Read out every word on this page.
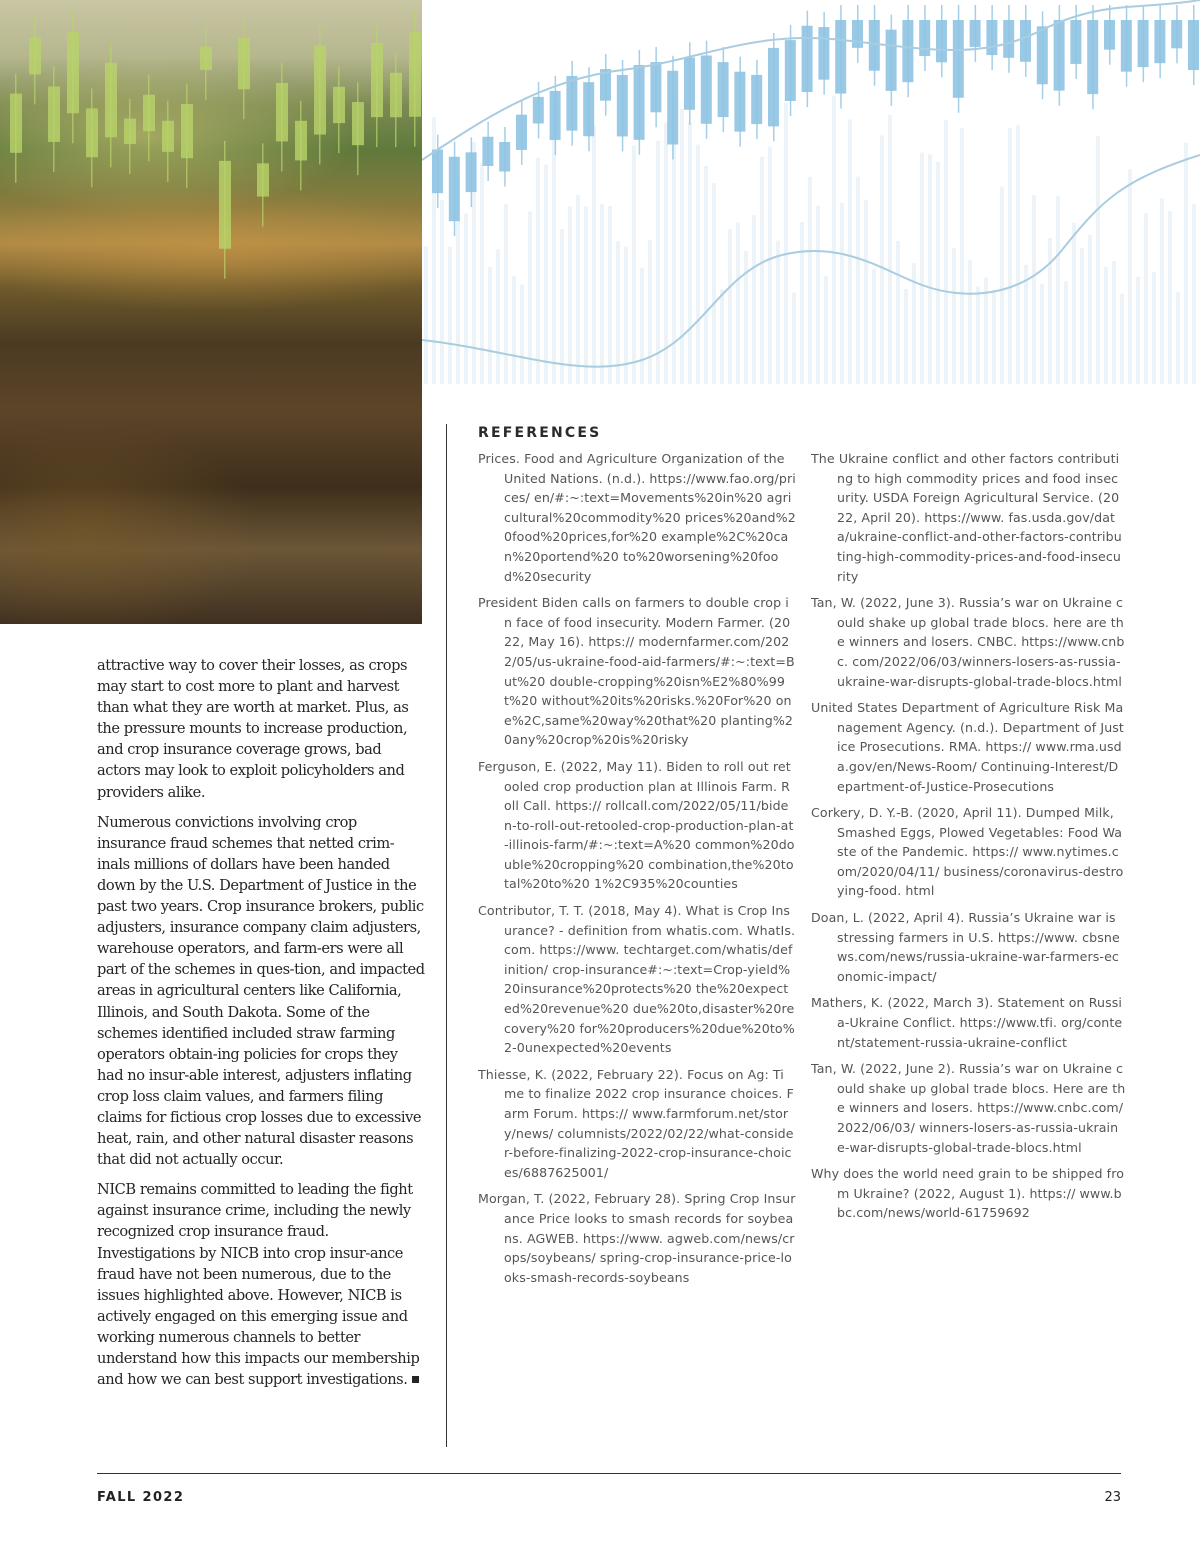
attractive way to cover their losses, as crops may start to cost more to plant and harvest than what they are worth at market. Plus, as the pressure mounts to increase production, and crop insurance coverage grows, bad actors may look to exploit policyholders and providers alike.

Numerous convictions involving crop insurance fraud schemes that netted crim-inals millions of dollars have been handed down by the U.S. Department of Justice in the past two years. Crop insurance brokers, public adjusters, insurance company claim adjusters, warehouse operators, and farm-ers were all part of the schemes in ques-tion, and impacted areas in agricultural centers like California, Illinois, and South Dakota. Some of the schemes identified included straw farming operators obtain-ing policies for crops they had no insur-able interest, adjusters inflating crop loss claim values, and farmers filing claims for fictious crop losses due to excessive heat, rain, and other natural disaster reasons that did not actually occur.

NICB remains committed to leading the fight against insurance crime, including the newly recognized crop insurance fraud. Investigations by NICB into crop insur-ance fraud have not been numerous, due to the issues highlighted above. However, NICB is actively engaged on this emerging issue and working numerous channels to better understand how this impacts our membership and how we can best support investigations.

REFERENCES

Prices. Food and Agriculture Organization of the United Nations. (n.d.). https://www.fao.org/prices/ en/#:~:text=Movements%20in%20 agricultural%20commodity%20 prices%20and%20food%20prices,for%20 example%2C%20can%20portend%20 to%20worsening%20food%20security

President Biden calls on farmers to double crop in face of food insecurity. Modern Farmer. (2022, May 16). https:// modernfarmer.com/2022/05/us-ukraine-food-aid-farmers/#:~:text=But%20 double-cropping%20isn%E2%80%99t%20 without%20its%20risks.%20For%20 one%2C,same%20way%20that%20 planting%20any%20crop%20is%20risky

Ferguson, E. (2022, May 11). Biden to roll out retooled crop production plan at Illinois Farm. Roll Call. https:// rollcall.com/2022/05/11/biden-to-roll-out-retooled-crop-production-plan-at-illinois-farm/#:~:text=A%20 common%20double%20cropping%20 combination,the%20total%20to%20 1%2C935%20counties

Contributor, T. T. (2018, May 4). What is Crop Insurance? - definition from whatis.com. WhatIs.com. https://www. techtarget.com/whatis/definition/ crop-insurance#:~:text=Crop-yield%20insurance%20protects%20 the%20expected%20revenue%20 due%20to,disaster%20recovery%20 for%20producers%20due%20to%2-0unexpected%20events

Thiesse, K. (2022, February 22). Focus on Ag: Time to finalize 2022 crop insurance choices. Farm Forum. https:// www.farmforum.net/story/news/ columnists/2022/02/22/what-consider-before-finalizing-2022-crop-insurance-choices/6887625001/

Morgan, T. (2022, February 28). Spring Crop Insurance Price looks to smash records for soybeans. AGWEB. https://www. agweb.com/news/crops/soybeans/ spring-crop-insurance-price-looks-smash-records-soybeans

The Ukraine conflict and other factors contributing to high commodity prices and food insecurity. USDA Foreign Agricultural Service. (2022, April 20). https://www. fas.usda.gov/data/ukraine-conflict-and-other-factors-contributing-high-commodity-prices-and-food-insecurity

Tan, W. (2022, June 3). Russia’s war on Ukraine could shake up global trade blocs. here are the winners and losers. CNBC. https://www.cnbc. com/2022/06/03/winners-losers-as-russia-ukraine-war-disrupts-global-trade-blocs.html

United States Department of Agriculture Risk Management Agency. (n.d.). Department of Justice Prosecutions. RMA. https:// www.rma.usda.gov/en/News-Room/ Continuing-Interest/Department-of-Justice-Prosecutions

Corkery, D. Y.-B. (2020, April 11). Dumped Milk, Smashed Eggs, Plowed Vegetables: Food Waste of the Pandemic. https:// www.nytimes.com/2020/04/11/ business/coronavirus-destroying-food. html

Doan, L. (2022, April 4). Russia’s Ukraine war is stressing farmers in U.S. https://www. cbsnews.com/news/russia-ukraine-war-farmers-economic-impact/

Mathers, K. (2022, March 3). Statement on Russia-Ukraine Conflict. https://www.tfi. org/content/statement-russia-ukraine-conflict

Tan, W. (2022, June 2). Russia’s war on Ukraine could shake up global trade blocs. Here are the winners and losers. https://www.cnbc.com/2022/06/03/ winners-losers-as-russia-ukraine-war-disrupts-global-trade-blocs.html

Why does the world need grain to be shipped from Ukraine? (2022, August 1). https:// www.bbc.com/news/world-61759692

FALL 2022	23
